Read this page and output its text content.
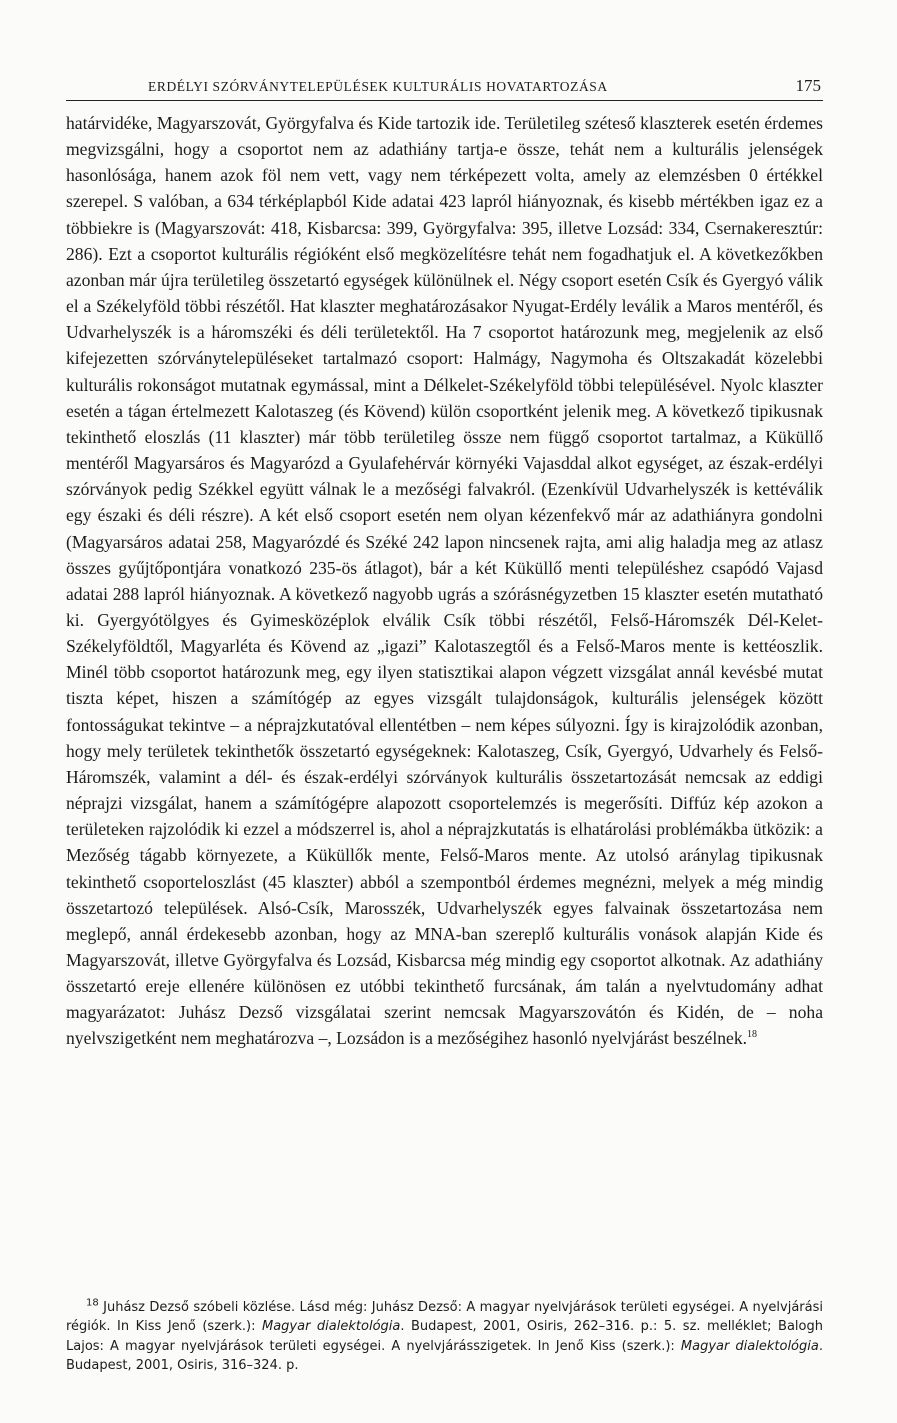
ERDÉLYI SZÓRVÁNYTELEPÜLÉSEK KULTURÁLIS HOVATARTOZÁSA	175

határvidéke, Magyarszovát, Györgyfalva és Kide tartozik ide. Területileg széteső klaszterek esetén érdemes megvizsgálni, hogy a csoportot nem az adathiány tartja-e össze, tehát nem a kulturális jelenségek hasonlósága, hanem azok föl nem vett, vagy nem térképezett volta, amely az elemzésben 0 értékkel szerepel. S valóban, a 634 térképlapból Kide adatai 423 lapról hiányoznak, és kisebb mértékben igaz ez a többiekre is (Magyarszovát: 418, Kisbarcsa: 399, Györgyfalva: 395, illetve Lozsád: 334, Csernakeresztúr: 286). Ezt a csoportot kulturális régióként első megközelítésre tehát nem fogadhatjuk el. A következőkben azonban már újra területileg összetartó egységek különülnek el. Négy csoport esetén Csík és Gyergyó válik el a Székelyföld többi részétől. Hat klaszter meghatározásakor Nyugat-Erdély leválik a Maros mentéről, és Udvarhelyszék is a háromszéki és déli területektől. Ha 7 csoportot határozunk meg, megjelenik az első kifejezetten szórványtelepüléseket tartalmazó csoport: Halmágy, Nagymoha és Oltszakadát közelebbi kulturális rokonságot mutatnak egymással, mint a Délkelet-Székelyföld többi településével. Nyolc klaszter esetén a tágan értelmezett Kalotaszeg (és Kövend) külön csoportként jelenik meg. A következő tipikusnak tekinthető eloszlás (11 klaszter) már több területileg össze nem függő csoportot tartalmaz, a Küküllő mentéről Magyarsáros és Magyarózd a Gyulafehérvár környéki Vajasddal alkot egységet, az észak-erdélyi szórványok pedig Székkel együtt válnak le a mezőségi falvakról. (Ezenkívül Udvarhelyszék is kettéválik egy északi és déli részre). A két első csoport esetén nem olyan kézenfekvő már az adathiányra gondolni (Magyarsáros adatai 258, Magyarózdé és Széké 242 lapon nincsenek rajta, ami alig haladja meg az atlasz összes gyűjtőpontjára vonatkozó 235-ös átlagot), bár a két Küküllő menti településhez csapódó Vajasd adatai 288 lapról hiányoznak. A következő nagyobb ugrás a szórásnégyzetben 15 klaszter esetén mutatható ki. Gyergyótölgyes és Gyimesközéplok elválik Csík többi részétől, Felső-Háromszék Dél-Kelet- Székelyföldtől, Magyarléta és Kövend az „igazi” Kalotaszegtől és a Felső-Maros mente is kettéoszlik. Minél több csoportot határozunk meg, egy ilyen statisztikai alapon végzett vizsgálat annál kevésbé mutat tiszta képet, hiszen a számítógép az egyes vizsgált tulajdonságok, kulturális jelenségek között fontosságukat tekintve – a néprajzkutatóval ellentétben – nem képes súlyozni. Így is kirajzolódik azonban, hogy mely területek tekinthetők összetartó egységeknek: Kalotaszeg, Csík, Gyergyó, Udvarhely és Felső-Háromszék, valamint a dél- és észak-erdélyi szórványok kulturális összetartozását nemcsak az eddigi néprajzi vizsgálat, hanem a számítógépre alapozott csoportelemzés is megerősíti. Diffúz kép azokon a területeken rajzolódik ki ezzel a módszerrel is, ahol a néprajzkutatás is elhatárolási problémákba ütközik: a Mezőség tágabb környezete, a Küküllők mente, Felső-Maros mente. Az utolsó aránylag tipikusnak tekinthető csoporteloszlást (45 klaszter) abból a szempontból érdemes megnézni, melyek a még mindig összetartozó települések. Alsó-Csík, Marosszék, Udvarhelyszék egyes falvainak összetartozása nem meglepő, annál érdekesebb azonban, hogy az MNA-ban szereplő kulturális vonások alapján Kide és Magyarszovát, illetve Györgyfalva és Lozsád, Kisbarcsa még mindig egy csoportot alkotnak. Az adathiány összetartó ereje ellenére különösen ez utóbbi tekinthető furcsának, ám talán a nyelvtudomány adhat magyarázatot: Juhász Dezső vizsgálatai szerint nemcsak Magyarszovátón és Kidén, de – noha nyelvszigetként nem meghatározva –, Lozsádon is a mezőségihez hasonló nyelvjárást beszélnek.$^{18}$

$^{18}$ Juhász Dezső szóbeli közlése. Lásd még: Juhász Dezső: A magyar nyelvjárások területi egységei. A nyelvjárási régiók. In Kiss Jenő (szerk.): Magyar dialektológia. Budapest, 2001, Osiris, 262–316. p.: 5. sz. melléklet; Balogh Lajos: A magyar nyelvjárások területi egységei. A nyelvjárásszigetek. In Jenő Kiss (szerk.): Magyar dialektológia. Budapest, 2001, Osiris, 316–324. p.
